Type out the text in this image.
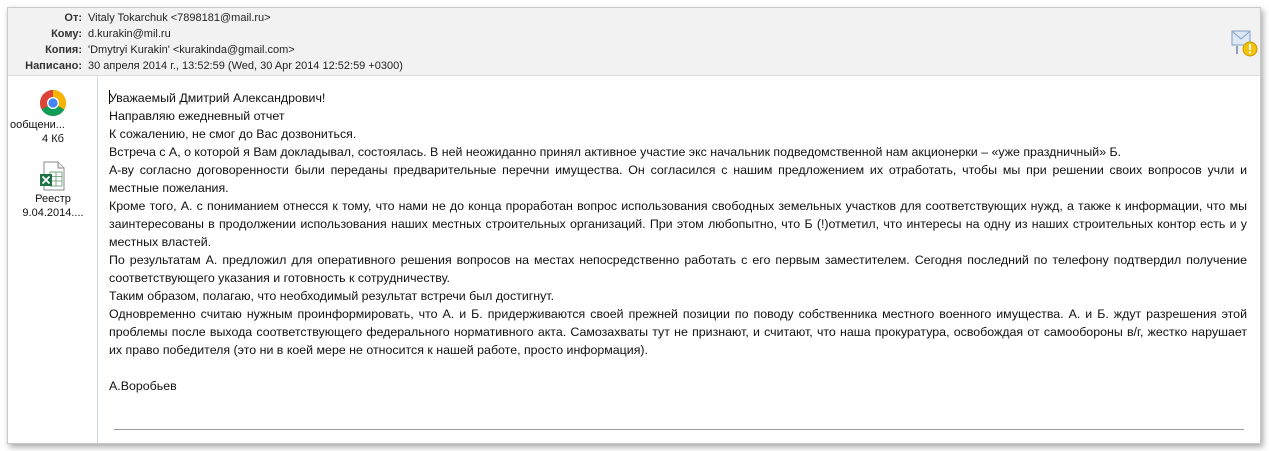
От: Vitaly Tokarchuk <7898181@mail.ru>
Кому: d.kurakin@mil.ru
Копия: 'Dmytryi Kurakin' <kurakinda@gmail.com>
Написано: 30 апреля 2014 г., 13:52:59 (Wed, 30 Apr 2014 12:52:59 +0300)
ообщени...
4 Кб
Реестр
9.04.2014....

Уважаемый Дмитрий Александрович!

Направляю ежедневный отчет

К сожалению, не смог до Вас дозвониться.

Встреча с А, о которой я Вам докладывал, состоялась. В ней неожиданно принял активное участие экс начальник подведомственной нам акционерки – «уже праздничный» Б.

А-ву согласно договоренности были переданы предварительные перечни имущества. Он согласился с нашим предложением их отработать, чтобы мы при решении своих вопросов учли и местные пожелания.

Кроме того, А. с пониманием отнесся к тому, что нами не до конца проработан вопрос использования свободных земельных участков для соответствующих нужд, а также к информации, что мы заинтересованы в продолжении использования наших местных строительных организаций. При этом любопытно, что Б (!)отметил, что интересы на одну из наших строительных контор есть и у местных властей.

По результатам А. предложил для оперативного решения вопросов на местах непосредственно работать с его первым заместителем. Сегодня последний по телефону подтвердил получение соответствующего указания и готовность к сотрудничеству.

Таким образом, полагаю, что необходимый результат встречи был достигнут.

Одновременно считаю нужным проинформировать, что А. и Б. придерживаются своей прежней позиции по поводу собственника местного военного имущества. А. и Б. ждут разрешения этой проблемы после выхода соответствующего федерального нормативного акта. Самозахваты тут не признают, и считают, что наша прокуратура, освобождая от самообороны в/г, жестко нарушает их право победителя (это ни в коей мере не относится к нашей работе, просто информация).

А.Воробьев
